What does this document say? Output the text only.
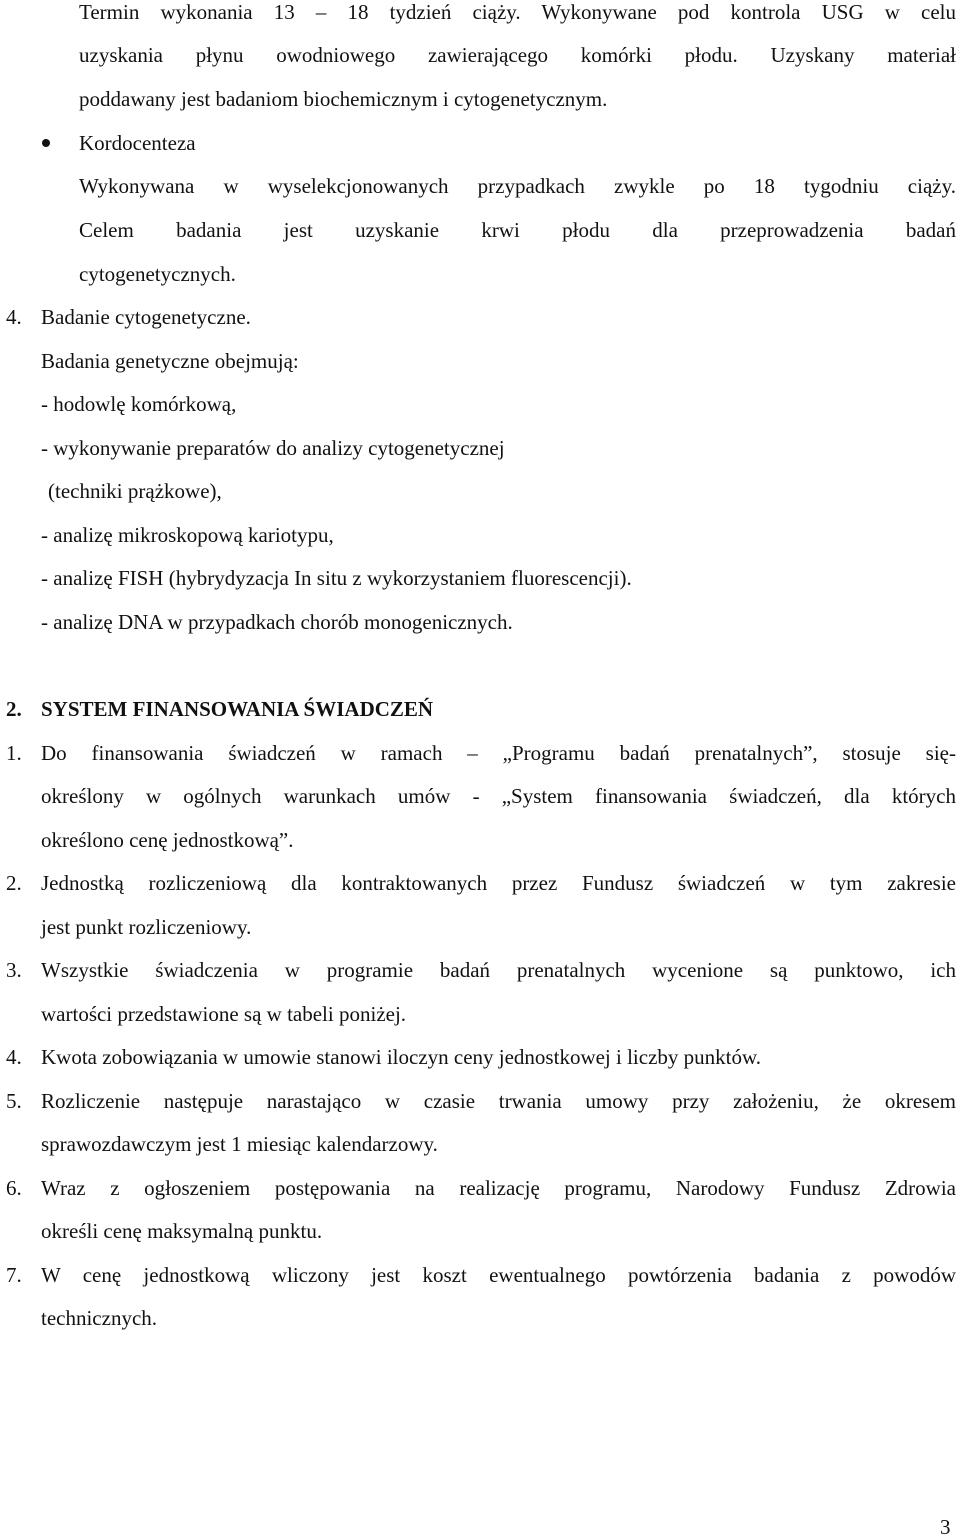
Termin wykonania 13 – 18 tydzień ciąży. Wykonywane pod kontrola USG w celu
uzyskania płynu owodniowego zawierającego komórki płodu. Uzyskany materiał
poddawany jest badaniom biochemicznym i cytogenetycznym.
Kordocenteza
Wykonywana w wyselekcjonowanych przypadkach zwykle po 18 tygodniu ciąży.
Celem badania jest uzyskanie krwi płodu dla przeprowadzenia badań
cytogenetycznych.
4. Badanie cytogenetyczne.
Badania genetyczne obejmują:
- hodowlę komórkową,
- wykonywanie preparatów do analizy cytogenetycznej
(techniki prążkowe),
- analizę mikroskopową kariotypu,
- analizę FISH (hybrydyzacja In situ z wykorzystaniem fluorescencji).
- analizę DNA w przypadkach chorób monogenicznych.
2. SYSTEM FINANSOWANIA ŚWIADCZEŃ
1. Do finansowania świadczeń w ramach – „Programu badań prenatalnych”, stosuje się-
określony w ogólnych warunkach umów - „System finansowania świadczeń, dla których
określono cenę jednostkową”.
2. Jednostką rozliczeniową dla kontraktowanych przez Fundusz świadczeń w tym zakresie
jest punkt rozliczeniowy.
3. Wszystkie świadczenia w programie badań prenatalnych wycenione są punktowo, ich
wartości przedstawione są w tabeli poniżej.
4. Kwota zobowiązania w umowie stanowi iloczyn ceny jednostkowej i liczby punktów.
5. Rozliczenie następuje narastająco w czasie trwania umowy przy założeniu, że okresem
sprawozdawczym jest 1 miesiąc kalendarzowy.
6. Wraz z ogłoszeniem postępowania na realizację programu, Narodowy Fundusz Zdrowia
określi cenę maksymalną punktu.
7. W cenę jednostkową wliczony jest koszt ewentualnego powtórzenia badania z powodów
technicznych.
3
